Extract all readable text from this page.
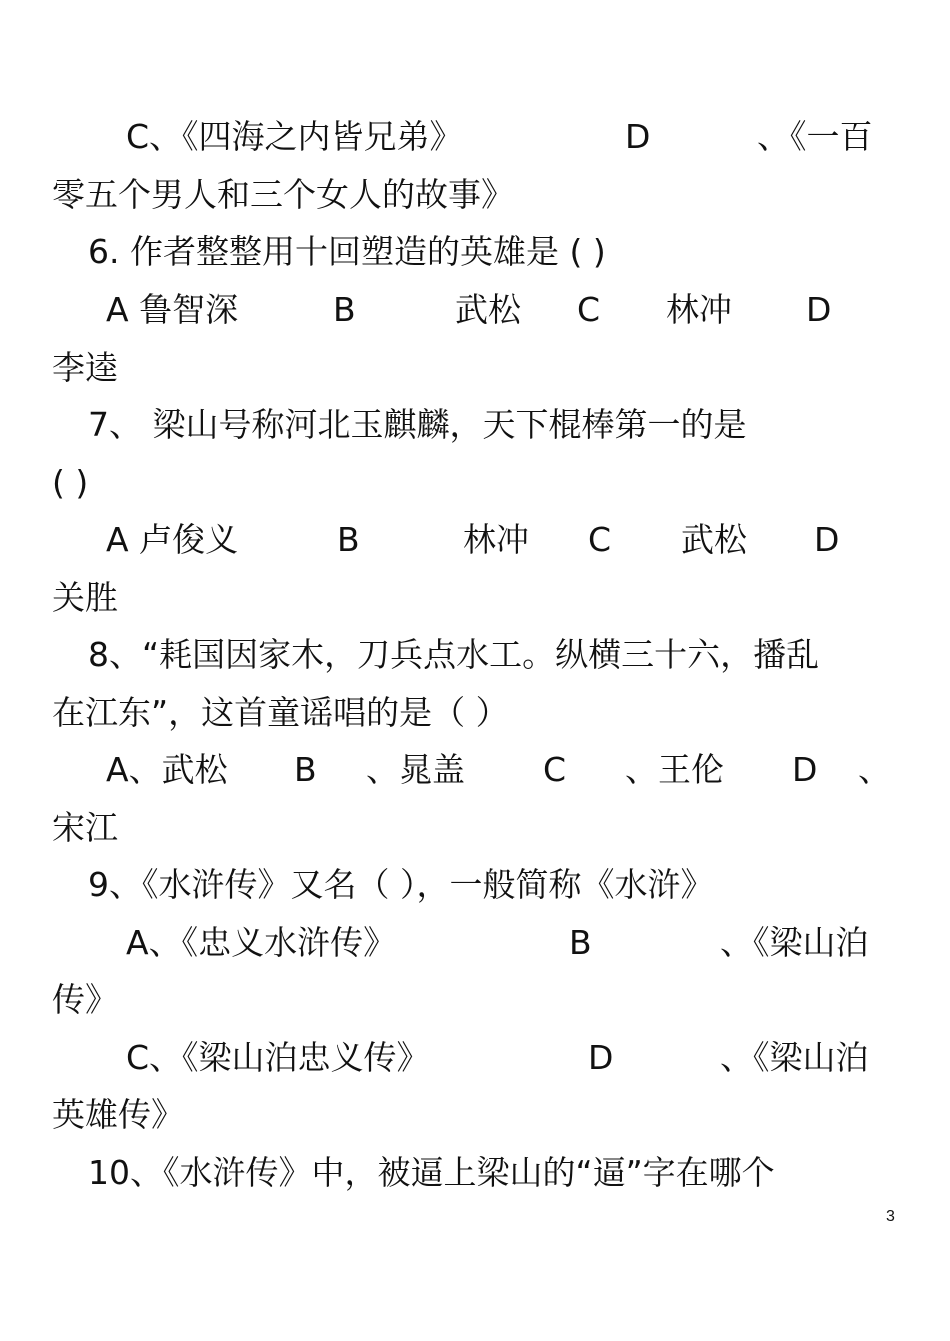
C、《四海之内皆兄弟》	D	、《一百
零五个男人和三个女人的故事》
6. 作者整整用十回塑造的英雄是 ( )
A 鲁智深	B	武松 C 林冲 D
李逵
7、 梁山号称河北玉麒麟，天下棍棒第一的是
( )
A 卢俊义	B	林冲 C 武松 D
关胜
8、“耗国因家木，刀兵点水工。纵横三十六，播乱
在江东”，这首童谣唱的是（ ）
A、武松 B 、晁盖 C 、王伦 D 、
宋江
9、《水浒传》又名（ ），一般简称《水浒》
A、《忠义水浒传》	B	、《梁山泊
传》
C、《梁山泊忠义传》	D	、《梁山泊
英雄传》
10、《水浒传》中，被逼上梁山的“逼”字在哪个
3
